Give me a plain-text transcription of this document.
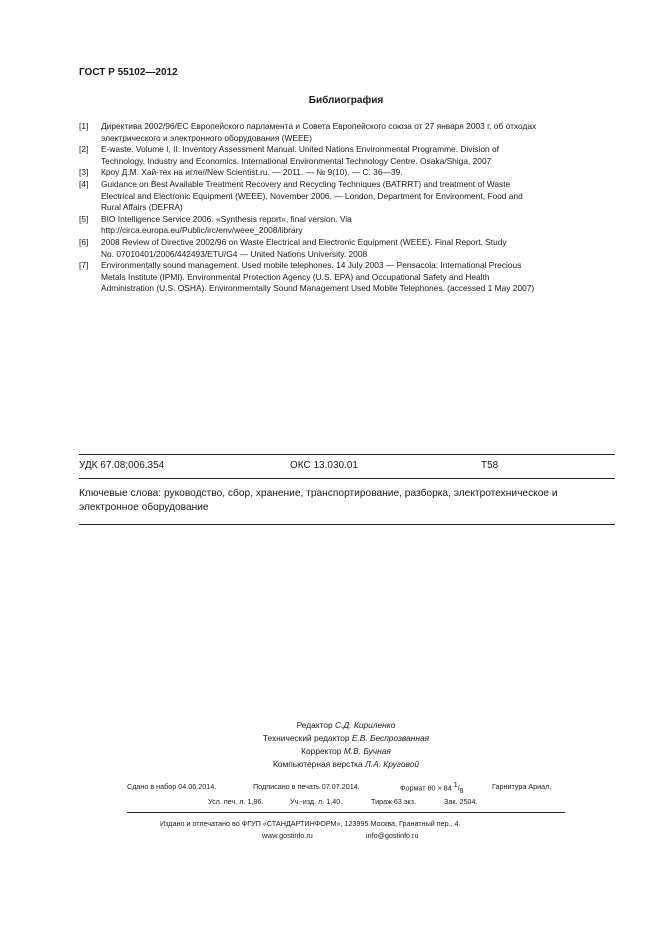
ГОСТ Р 55102—2012
Библиография
[1]	Директива 2002/96/ЕС Европейского парламента и Совета Европейского союза от 27 января 2003 г. об отходах
электрического и электронного оборудования (WEEE)
[2]	E-waste. Volume I, II: Inventory Assessment Manual. United Nations Environmental Programme. Division of
Technology, Industry and Economics. International Environmental Technology Centre. Osaka/Shiga, 2007
[3]	Кроу Д.М. Хай-тех на игле//New Scientist.ru. — 2011. — № 9(10). — С. 36—39.
[4]	Guidance on Best Available Treatment Recovery and Recycling Techniques (BATRRT) and treatment of Waste
Electrical and Electronic Equipment (WEEE). November 2006. — London, Department for Environment, Food and
Rural Affairs (DEFRA)
[5]	BIO Intelligence Service 2006. «Synthesis report», final version. Via
http://circa.europa.eu/Public/irc/env/weee_2008/library
[6]	2008 Review of Directive 2002/96 on Waste Electrical and Electronic Equipment (WEEE). Final Report. Study
No. 07010401/2006/442493/ETU/G4 — United Nations University. 2008
[7]	Environmentally sound management. Used mobile telephones. 14 July 2003 — Pensacola: International Precious
Metals Institute (IPMI). Environmental Protection Agency (U.S. EPA) and Occupational Safety and Health
Administration (U.S. OSHA). Environmemtally Sound Management Used Mobile Telephones. (accessed 1 May 2007)
УДК 67.08:006.354	ОКС 13.030.01	Т58
Ключевые слова: руководство, сбор, хранение, транспортирование, разборка, электротехническое и
электронное оборудование
Редактор С.Д. Кириленко
Технический редактор Е.В. Беспрозванная
Корректор М.В. Бучная
Компьютерная верстка Л.А. Круговой
Сдано в набор 04.06.2014.	Подписано в печать 07.07.2014.	Формат 60 × 84 $^1/_8$
Гарнитура Ариал.
Усл. печ. л. 1,86.	Уч.-изд. л. 1,40.	Тираж 63 экз.	Зак. 2504.
Издано и отпечатано во ФГУП «СТАНДАРТИНФОРМ», 123995 Москва, Гранатный пер., 4.
www.gostinfo.ru	info@gostinfo.ru
